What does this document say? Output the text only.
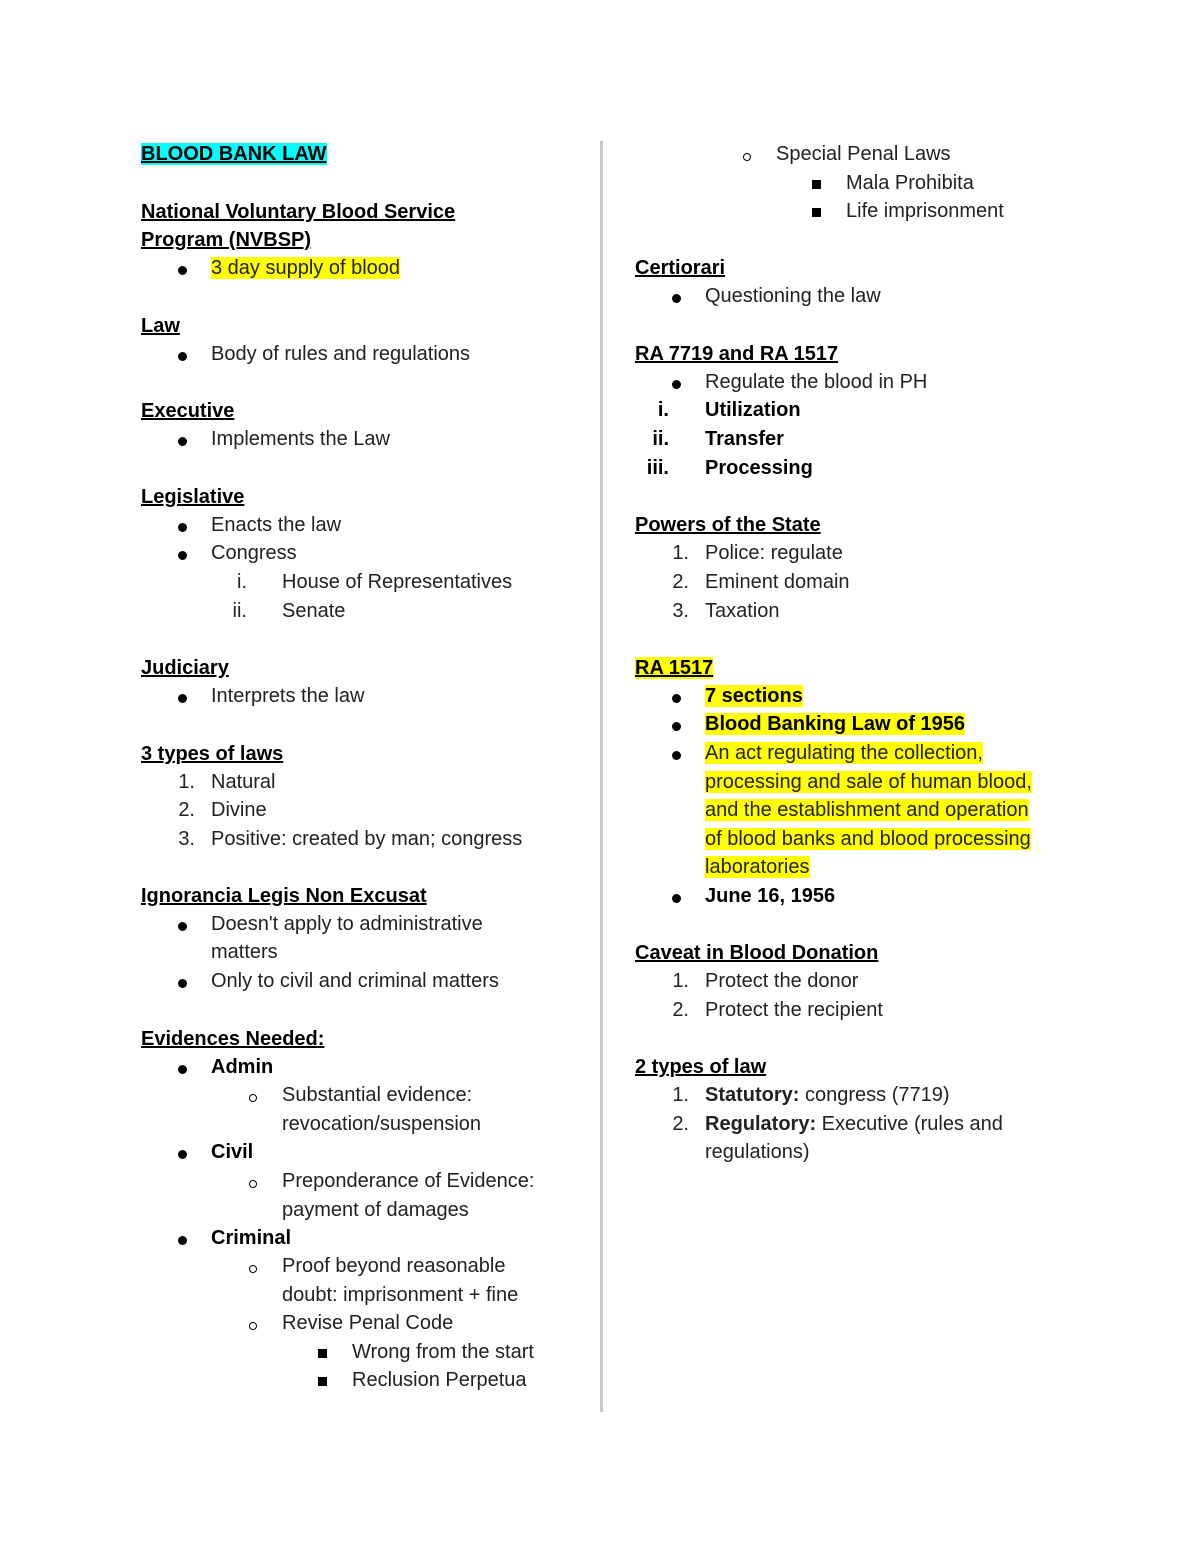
BLOOD BANK LAW
National Voluntary Blood Service
Program (NVBSP)
3 day supply of blood
Law
Body of rules and regulations
Executive
Implements the Law
Legislative
Enacts the law
Congress
i. House of Representatives
ii. Senate
Judiciary
Interprets the law
3 types of laws
1. Natural
2. Divine
3. Positive: created by man; congress
Ignorancia Legis Non Excusat
Doesn't apply to administrative
matters
Only to civil and criminal matters
Evidences Needed:
Admin
Substantial evidence:
revocation/suspension
Civil
Preponderance of Evidence:
payment of damages
Criminal
Proof beyond reasonable
doubt: imprisonment + fine
Revise Penal Code
Wrong from the start
Reclusion Perpetua
Special Penal Laws
Mala Prohibita
Life imprisonment
Certiorari
Questioning the law
RA 7719 and RA 1517
Regulate the blood in PH
i. Utilization
ii. Transfer
iii. Processing
Powers of the State
1. Police: regulate
2. Eminent domain
3. Taxation
RA 1517
7 sections
Blood Banking Law of 1956
An act regulating the collection,
processing and sale of human blood,
and the establishment and operation
of blood banks and blood processing
laboratories
June 16, 1956
Caveat in Blood Donation
1. Protect the donor
2. Protect the recipient
2 types of law
1. Statutory: congress (7719)
2. Regulatory: Executive (rules and
regulations)
